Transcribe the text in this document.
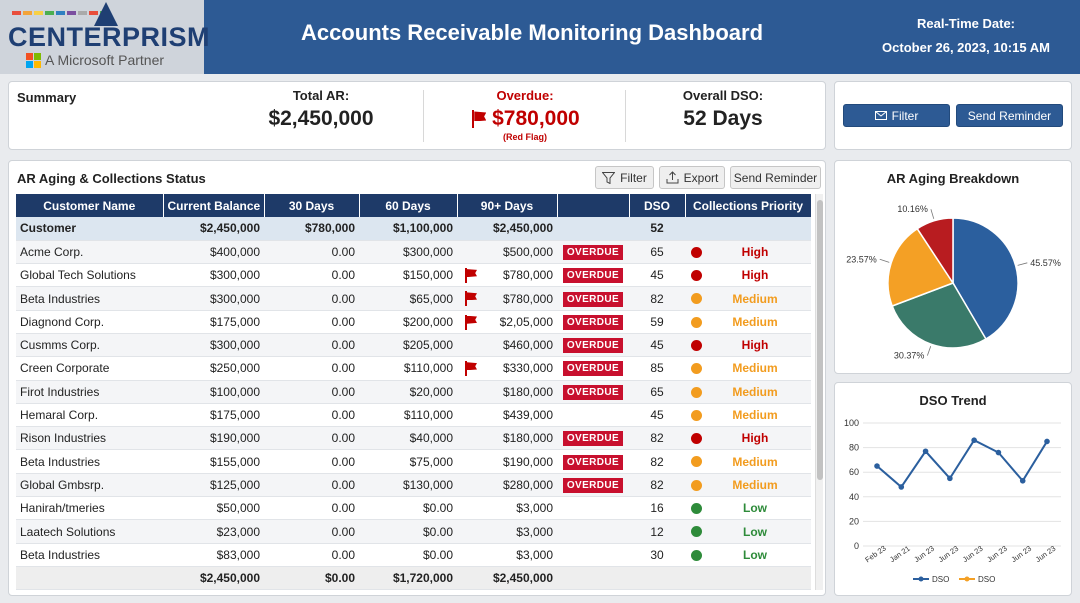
CENTERPRISM
A Microsoft Partner
Accounts Receivable Monitoring Dashboard	Real-Time Date:
October 26, 2023, 10:15 AM
Summary	Total AR:
$2,450,000
Overdue:
$780,000
(Red Flag)
Overall DSO:
52 Days	Filter	Send Reminder
AR Aging & Collections Status	Filter	Export	Send Reminder
Customer Name	Current Balance	30 Days	60 Days	90+ Days		DSO	Collections Priority
Customer	$2,450,000	$780,000	$1,100,000	$2,450,000		52	
Acme Corp.	$400,000	0.00	$300,000	$500,000	OVERDUE	65	High

Global Tech Solutions	$300,000	0.00	$150,000	$780,000	OVERDUE	45	High

Beta Industries	$300,000	0.00	$65,000	$780,000	OVERDUE	82	Medium

Diagnond Corp.	$175,000	0.00	$200,000	$2,05,000	OVERDUE	59	Medium

Cusmms Corp.	$300,000	0.00	$205,000	$460,000	OVERDUE	45	High

Creen Corporate	$250,000	0.00	$110,000	$330,000	OVERDUE	85	Medium

Firot Industries	$100,000	0.00	$20,000	$180,000	OVERDUE	65	Medium

Hemaral Corp.	$175,000	0.00	$110,000	$439,000		45	Medium

Rison Industries	$190,000	0.00	$40,000	$180,000	OVERDUE	82	High

Beta Industries	$155,000	0.00	$75,000	$190,000	OVERDUE	82	Medium

Global Gmbsrp.	$125,000	0.00	$130,000	$280,000	OVERDUE	82	Medium

Hanirah/tmeries	$50,000	0.00	$0.00	$3,000		16	Low

Laatech Solutions	$23,000	0.00	$0.00	$3,000		12	Low

Beta Industries	$83,000	0.00	$0.00	$3,000		30	Low

	$2,450,000	$0.00	$1,720,000	$2,450,000			
AR Aging Breakdown
45.57%
30.37%
23.57%
10.16%
DSO Trend
100
80
60
40
20
0 Feb 23 Jan 21 Jun 23 Jun 23 Jun 23 Jun 23 Jun 23 Jun 23
DSO	DSO
